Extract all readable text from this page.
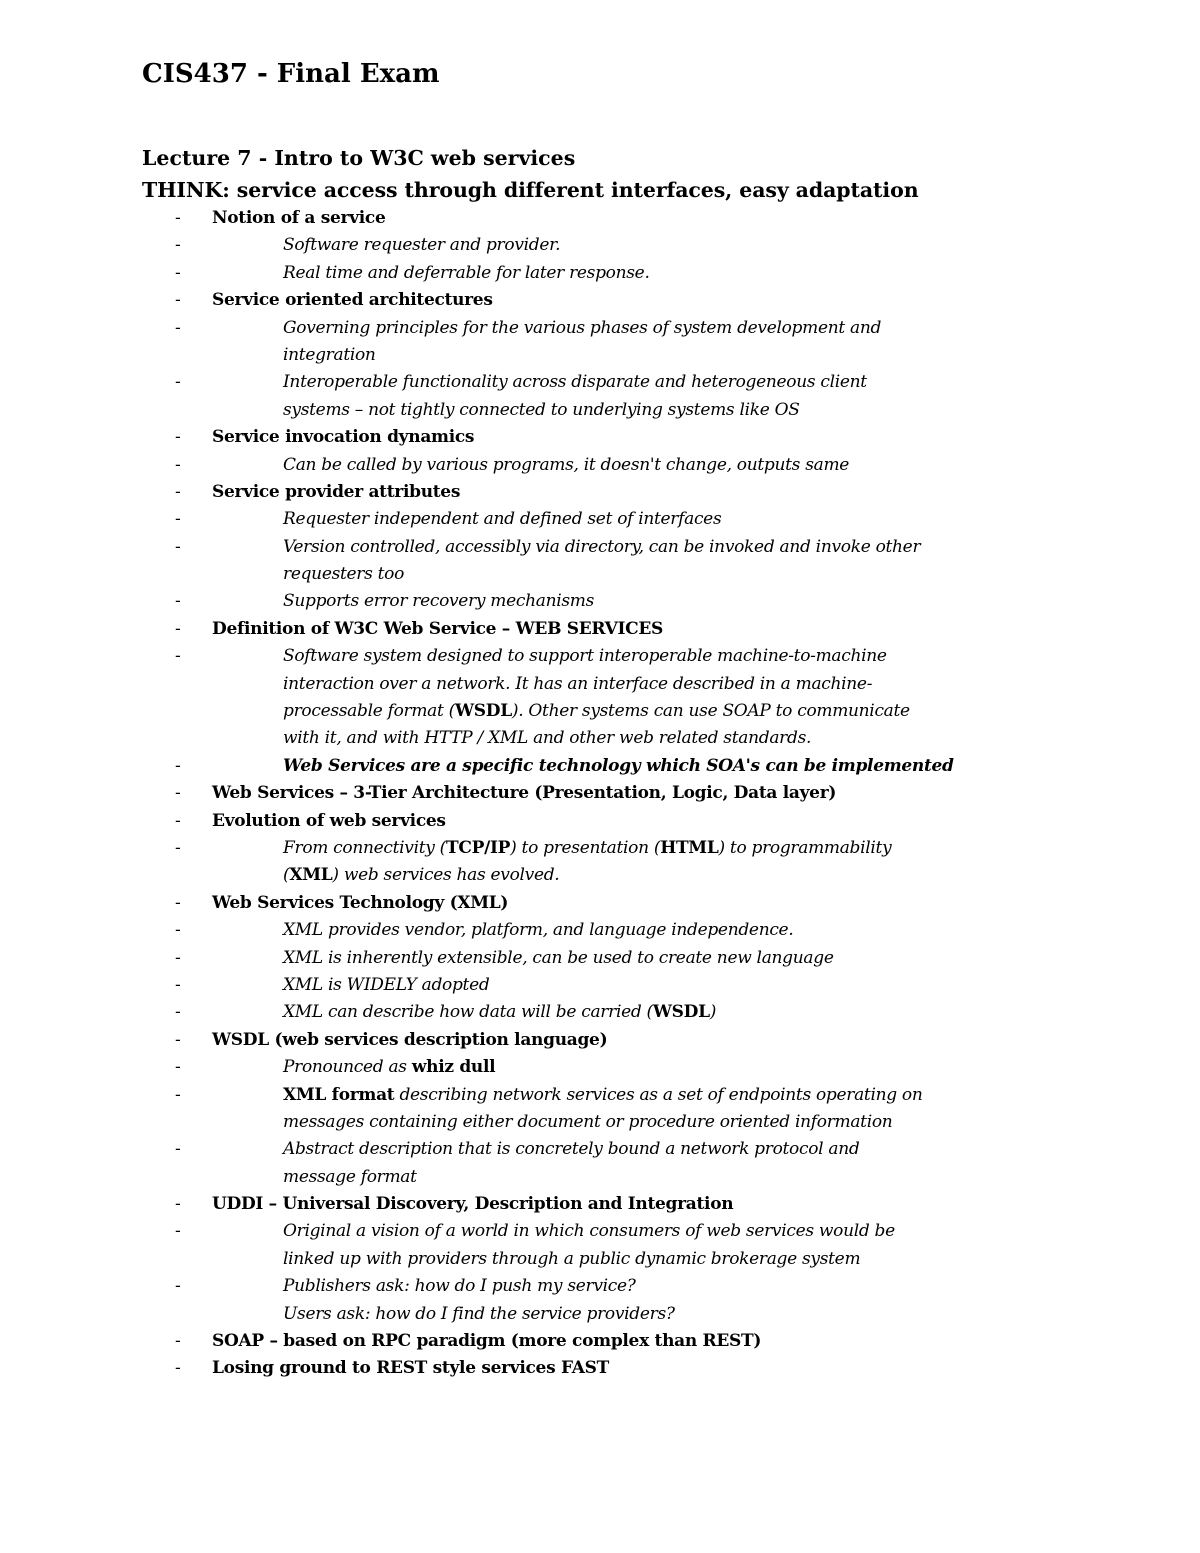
CIS437 - Final Exam
Lecture 7 - Intro to W3C web services
THINK: service access through different interfaces, easy adaptation
- Notion of a service
-	Software requester and provider.
-	Real time and deferrable for later response.
- Service oriented architectures
-	Governing principles for the various phases of system development and
integration
-	Interoperable functionality across disparate and heterogeneous client
systems – not tightly connected to underlying systems like OS
- Service invocation dynamics
-	Can be called by various programs, it doesn't change, outputs same
- Service provider attributes
-	Requester independent and defined set of interfaces
-	Version controlled, accessibly via directory, can be invoked and invoke other
requesters too
-	Supports error recovery mechanisms
- Definition of W3C Web Service – WEB SERVICES
-	Software system designed to support interoperable machine-to-machine
interaction over a network. It has an interface described in a machine-
processable format (WSDL). Other systems can use SOAP to communicate
with it, and with HTTP / XML and other web related standards.
-	Web Services are a specific technology which SOA's can be implemented
- Web Services – 3-Tier Architecture (Presentation, Logic, Data layer)
- Evolution of web services
-	From connectivity (TCP/IP) to presentation (HTML) to programmability
(XML) web services has evolved.
- Web Services Technology (XML)
-	XML provides vendor, platform, and language independence.
-	XML is inherently extensible, can be used to create new language
-	XML is WIDELY adopted
-	XML can describe how data will be carried (WSDL)
- WSDL (web services description language)
-	Pronounced as whiz dull
-	XML format describing network services as a set of endpoints operating on
messages containing either document or procedure oriented information
-	Abstract description that is concretely bound a network protocol and
message format
- UDDI – Universal Discovery, Description and Integration
-	Original a vision of a world in which consumers of web services would be
linked up with providers through a public dynamic brokerage system
-	Publishers ask: how do I push my service?
Users ask: how do I find the service providers?
- SOAP – based on RPC paradigm (more complex than REST)
- Losing ground to REST style services FAST
